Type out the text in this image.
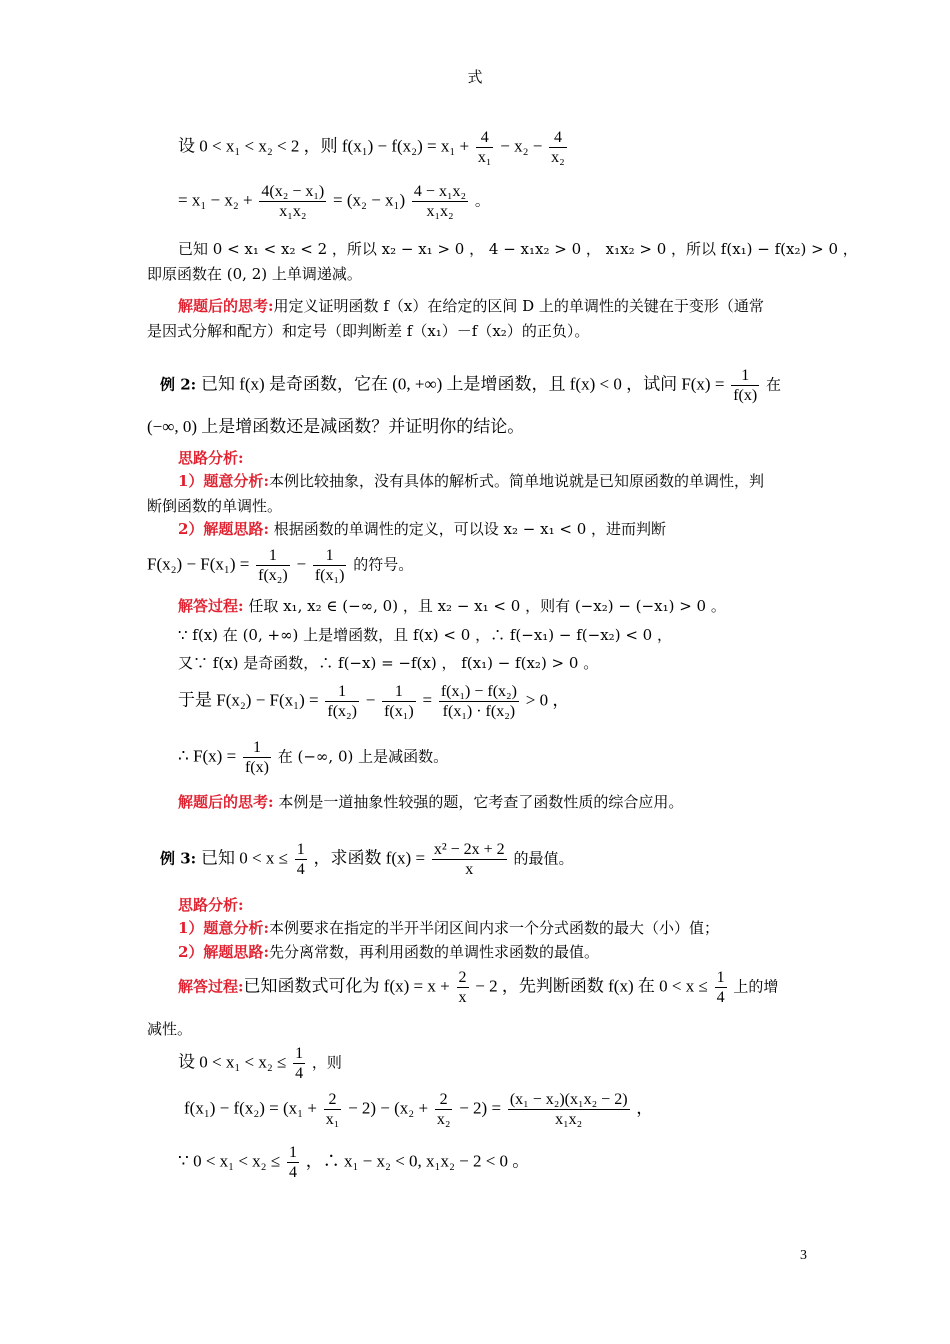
式
设 0 < x₁ < x₂ < 2 ，则 $f(x_1) - f(x_2) = x_1 + \frac{4}{\text{x₁}} - x_2 - \frac{4}{\text{x₂}}$
= $x_1 - x_2 + \frac{\text{4(x₂ − x₁)}}{\text{x₁x₂}} = (x_2 - x_1) \frac{\text{4 − x₁x₂}}{\text{x₁x₂}}$ 。
已知 0 < x₁ < x₂ < 2 ，所以 x₂ − x₁ > 0 ， 4 − x₁x₂ > 0 ， x₁x₂ > 0 ，所以 f(x₁) − f(x₂) > 0 ，
即原函数在 (0, 2) 上单调递减。
解题后的思考:用定义证明函数 f（x）在给定的区间 D 上的单调性的关键在于变形（通常
是因式分解和配方）和定号（即判断差 f（x₁）－f（x₂）的正负）。
例 2: 已知 f(x) 是奇函数，它在 (0, +∞) 上是增函数，且 f(x) < 0 ，试问 $F(x) = \frac{1}{f(x)}$ 在
(−∞, 0) 上是增函数还是减函数？并证明你的结论。
思路分析:
1）题意分析:本例比较抽象，没有具体的解析式。简单地说就是已知原函数的单调性，判
断倒函数的单调性。
2）解题思路: 根据函数的单调性的定义，可以设 x₂ − x₁ < 0 ，进而判断
$F(x_2) - F(x_1) = \frac{1}{\text{f(x₂)}} - \frac{1}{\text{f(x₁)}}$ 的符号。
解答过程: 任取 x₁, x₂ ∈ (−∞, 0) ，且 x₂ − x₁ < 0 ，则有 (−x₂) − (−x₁) > 0 。
∵ f(x) 在 (0, +∞) 上是增函数，且 f(x) < 0 ，∴ f(−x₁) − f(−x₂) < 0 ，
又∵ f(x) 是奇函数，∴ f(−x) = −f(x) ， f(x₁) − f(x₂) > 0 。
于是 $F(x_2) - F(x_1) = \frac{1}{\text{f(x₂)}} - \frac{1}{\text{f(x₁)}} = \frac{\text{f(x₁) − f(x₂)}}{\text{f(x₁) · f(x₂)}} > 0$ ，
∴ $F(x) = \frac{1}{f(x)}$ 在 (−∞, 0) 上是减函数。
解题后的思考: 本例是一道抽象性较强的题，它考查了函数性质的综合应用。
例 3: 已知 $0 < x \le \frac{1}{4}$ ，求函数 $f(x) = \frac{\text{x² − 2x + 2}}{x}$ 的最值。
思路分析:
1）题意分析:本例要求在指定的半开半闭区间内求一个分式函数的最大（小）值；
2）解题思路:先分离常数，再利用函数的单调性求函数的最值。
解答过程:已知函数式可化为 $f(x) = x + \frac{2}{x} - 2$ ，先判断函数 f(x) 在 $0 < x \le \frac{1}{4}$ 上的增
减性。
设 $0 < x_1 < x_2 \le \frac{1}{4}$ ，则
$f(x_1) - f(x_2) = (x_1 + \frac{2}{\text{x₁}} - 2) - (x_2 + \frac{2}{\text{x₂}} - 2) = \frac{\text{(x₁ − x₂)(x₁x₂ − 2)}}{\text{x₁x₂}}$ ，
∵ $0 < x_1 < x_2 \le \frac{1}{4}$ ，∴ x₁ − x₂ < 0, x₁x₂ − 2 < 0 。
3
